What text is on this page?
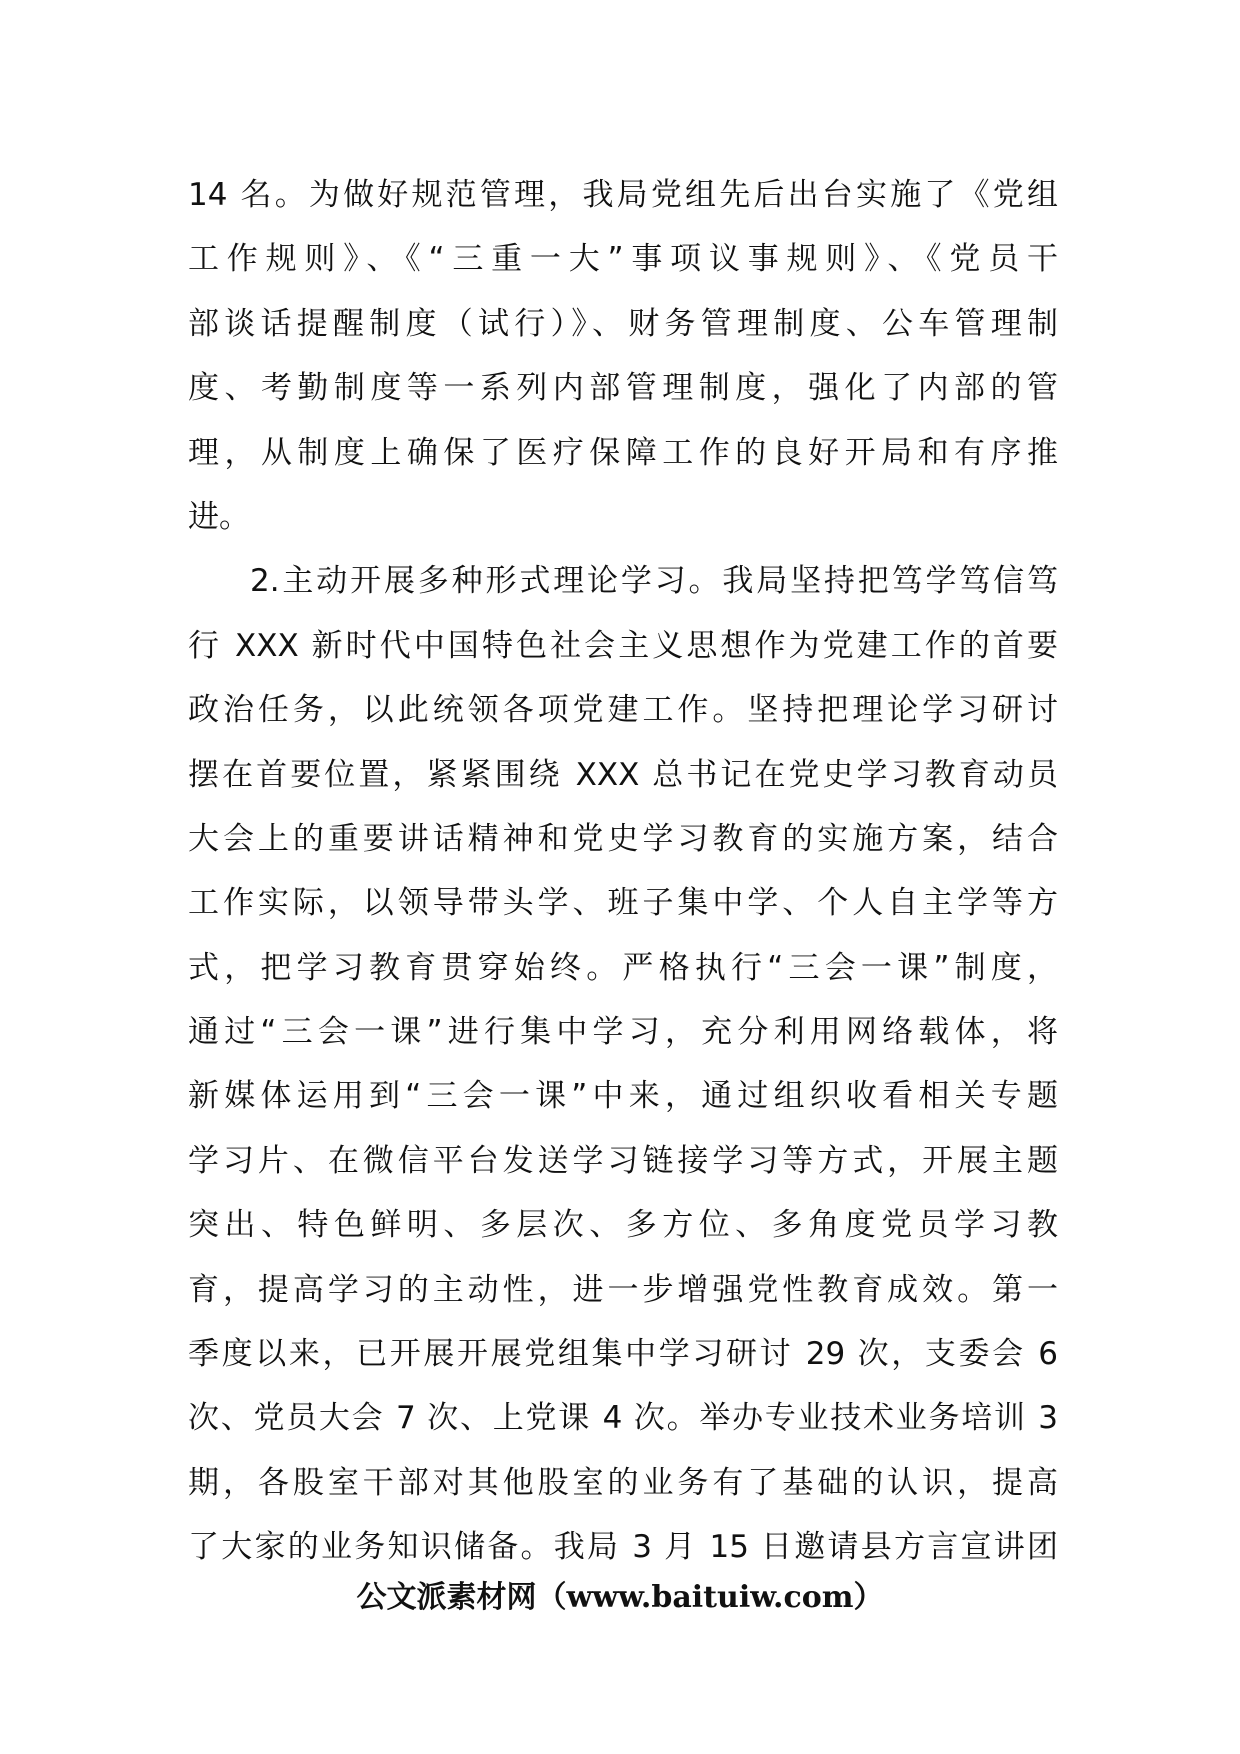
14 名。为做好规范管理，我局党组先后出台实施了《党组
工作规则》、《“三重一大”事项议事规则》、《党员干
部谈话提醒制度（试行）》、财务管理制度、公车管理制
度、考勤制度等一系列内部管理制度，强化了内部的管
理，从制度上确保了医疗保障工作的良好开局和有序推
进。
2.主动开展多种形式理论学习。我局坚持把笃学笃信笃
行 XXX 新时代中国特色社会主义思想作为党建工作的首要
政治任务，以此统领各项党建工作。坚持把理论学习研讨
摆在首要位置，紧紧围绕 XXX 总书记在党史学习教育动员
大会上的重要讲话精神和党史学习教育的实施方案，结合
工作实际，以领导带头学、班子集中学、个人自主学等方
式，把学习教育贯穿始终。严格执行“三会一课”制度，
通过“三会一课”进行集中学习，充分利用网络载体，将
新媒体运用到“三会一课”中来，通过组织收看相关专题
学习片、在微信平台发送学习链接学习等方式，开展主题
突出、特色鲜明、多层次、多方位、多角度党员学习教
育，提高学习的主动性，进一步增强党性教育成效。第一
季度以来，已开展开展党组集中学习研讨 29 次，支委会 6
次、党员大会 7 次、上党课 4 次。举办专业技术业务培训 3
期，各股室干部对其他股室的业务有了基础的认识，提高
了大家的业务知识储备。我局 3 月 15 日邀请县方言宣讲团
公文派素材网（www.baituiw.com）
